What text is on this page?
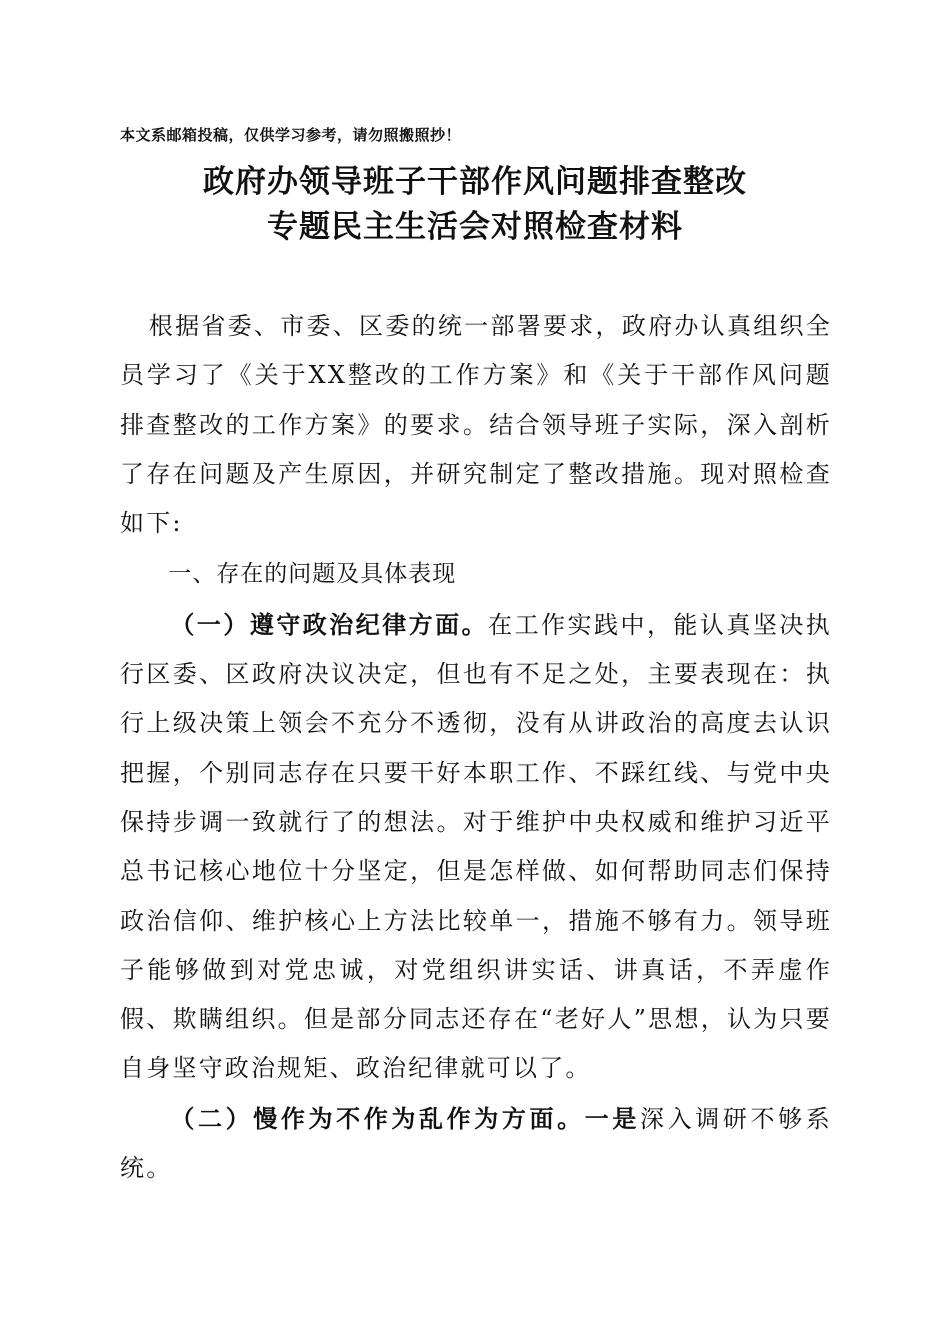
本文系邮箱投稿，仅供学习参考，请勿照搬照抄！
政府办领导班子干部作风问题排查整改
专题民主生活会对照检查材料

根据省委、市委、区委的统一部署要求，政府办认真组织全员学习了《关于XX整改的工作方案》和《关于干部作风问题排查整改的工作方案》的要求。结合领导班子实际，深入剖析了存在问题及产生原因，并研究制定了整改措施。现对照检查如下:

一、存在的问题及具体表现

（一）遵守政治纪律方面。在工作实践中，能认真坚决执行区委、区政府决议决定，但也有不足之处，主要表现在：执行上级决策上领会不充分不透彻，没有从讲政治的高度去认识把握，个别同志存在只要干好本职工作、不踩红线、与党中央保持步调一致就行了的想法。对于维护中央权威和维护习近平总书记核心地位十分坚定，但是怎样做、如何帮助同志们保持政治信仰、维护核心上方法比较单一，措施不够有力。领导班子能够做到对党忠诚，对党组织讲实话、讲真话，不弄虚作假、欺瞒组织。但是部分同志还存在“老好人”思想，认为只要自身坚守政治规矩、政治纪律就可以了。

（二）慢作为不作为乱作为方面。一是深入调研不够系统。
